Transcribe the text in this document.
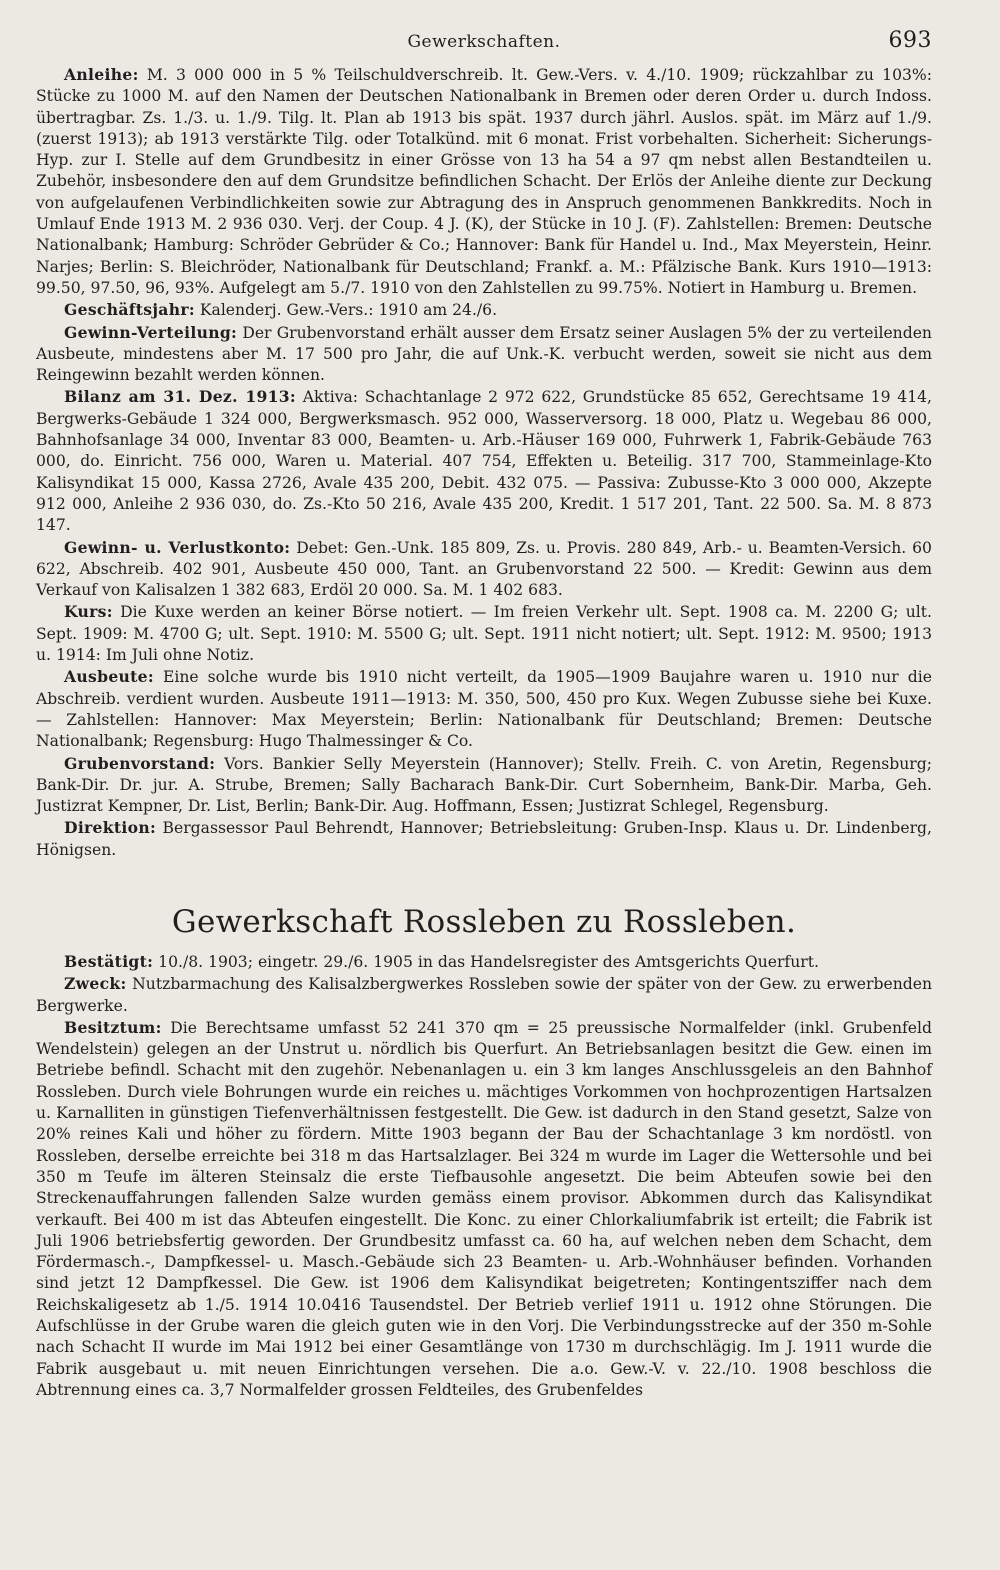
Gewerkschaften.	693

Anleihe: M. 3 000 000 in 5 % Teilschuldverschreib. lt. Gew.-Vers. v. 4./10. 1909; rückzahlbar zu 103%: Stücke zu 1000 M. auf den Namen der Deutschen Nationalbank in Bremen oder deren Order u. durch Indoss. übertragbar. Zs. 1./3. u. 1./9. Tilg. lt. Plan ab 1913 bis spät. 1937 durch jährl. Auslos. spät. im März auf 1./9. (zuerst 1913); ab 1913 verstärkte Tilg. oder Totalkünd. mit 6 monat. Frist vorbehalten. Sicherheit: Sicherungs-Hyp. zur I. Stelle auf dem Grundbesitz in einer Grösse von 13 ha 54 a 97 qm nebst allen Bestandteilen u. Zubehör, insbesondere den auf dem Grundsitze befindlichen Schacht. Der Erlös der Anleihe diente zur Deckung von aufgelaufenen Verbindlichkeiten sowie zur Abtragung des in Anspruch genommenen Bankkredits. Noch in Umlauf Ende 1913 M. 2 936 030. Verj. der Coup. 4 J. (K), der Stücke in 10 J. (F). Zahlstellen: Bremen: Deutsche Nationalbank; Hamburg: Schröder Gebrüder & Co.; Hannover: Bank für Handel u. Ind., Max Meyerstein, Heinr. Narjes; Berlin: S. Bleichröder, Nationalbank für Deutschland; Frankf. a. M.: Pfälzische Bank. Kurs 1910—1913: 99.50, 97.50, 96, 93%. Aufgelegt am 5./7. 1910 von den Zahlstellen zu 99.75%. Notiert in Hamburg u. Bremen.

Geschäftsjahr: Kalenderj. Gew.-Vers.: 1910 am 24./6.

Gewinn-Verteilung: Der Grubenvorstand erhält ausser dem Ersatz seiner Auslagen 5% der zu verteilenden Ausbeute, mindestens aber M. 17 500 pro Jahr, die auf Unk.-K. verbucht werden, soweit sie nicht aus dem Reingewinn bezahlt werden können.

Bilanz am 31. Dez. 1913: Aktiva: Schachtanlage 2 972 622, Grundstücke 85 652, Gerechtsame 19 414, Bergwerks-Gebäude 1 324 000, Bergwerksmasch. 952 000, Wasserversorg. 18 000, Platz u. Wegebau 86 000, Bahnhofsanlage 34 000, Inventar 83 000, Beamten- u. Arb.-Häuser 169 000, Fuhrwerk 1, Fabrik-Gebäude 763 000, do. Einricht. 756 000, Waren u. Material. 407 754, Effekten u. Beteilig. 317 700, Stammeinlage-Kto Kalisyndikat 15 000, Kassa 2726, Avale 435 200, Debit. 432 075. — Passiva: Zubusse-Kto 3 000 000, Akzepte 912 000, Anleihe 2 936 030, do. Zs.-Kto 50 216, Avale 435 200, Kredit. 1 517 201, Tant. 22 500. Sa. M. 8 873 147.

Gewinn- u. Verlustkonto: Debet: Gen.-Unk. 185 809, Zs. u. Provis. 280 849, Arb.- u. Beamten-Versich. 60 622, Abschreib. 402 901, Ausbeute 450 000, Tant. an Grubenvorstand 22 500. — Kredit: Gewinn aus dem Verkauf von Kalisalzen 1 382 683, Erdöl 20 000. Sa. M. 1 402 683.

Kurs: Die Kuxe werden an keiner Börse notiert. — Im freien Verkehr ult. Sept. 1908 ca. M. 2200 G; ult. Sept. 1909: M. 4700 G; ult. Sept. 1910: M. 5500 G; ult. Sept. 1911 nicht notiert; ult. Sept. 1912: M. 9500; 1913 u. 1914: Im Juli ohne Notiz.

Ausbeute: Eine solche wurde bis 1910 nicht verteilt, da 1905—1909 Baujahre waren u. 1910 nur die Abschreib. verdient wurden. Ausbeute 1911—1913: M. 350, 500, 450 pro Kux. Wegen Zubusse siehe bei Kuxe. — Zahlstellen: Hannover: Max Meyerstein; Berlin: Nationalbank für Deutschland; Bremen: Deutsche Nationalbank; Regensburg: Hugo Thalmessinger & Co.

Grubenvorstand: Vors. Bankier Selly Meyerstein (Hannover); Stellv. Freih. C. von Aretin, Regensburg; Bank-Dir. Dr. jur. A. Strube, Bremen; Sally Bacharach Bank-Dir. Curt Sobernheim, Bank-Dir. Marba, Geh. Justizrat Kempner, Dr. List, Berlin; Bank-Dir. Aug. Hoffmann, Essen; Justizrat Schlegel, Regensburg.

Direktion: Bergassessor Paul Behrendt, Hannover; Betriebsleitung: Gruben-Insp. Klaus u. Dr. Lindenberg, Hönigsen.

Gewerkschaft Rossleben zu Rossleben.

Bestätigt: 10./8. 1903; eingetr. 29./6. 1905 in das Handelsregister des Amtsgerichts Querfurt.

Zweck: Nutzbarmachung des Kalisalzbergwerkes Rossleben sowie der später von der Gew. zu erwerbenden Bergwerke.

Besitztum: Die Berechtsame umfasst 52 241 370 qm = 25 preussische Normalfelder (inkl. Grubenfeld Wendelstein) gelegen an der Unstrut u. nördlich bis Querfurt. An Betriebsanlagen besitzt die Gew. einen im Betriebe befindl. Schacht mit den zugehör. Nebenanlagen u. ein 3 km langes Anschlussgeleis an den Bahnhof Rossleben. Durch viele Bohrungen wurde ein reiches u. mächtiges Vorkommen von hochprozentigen Hartsalzen u. Karnalliten in günstigen Tiefenverhältnissen festgestellt. Die Gew. ist dadurch in den Stand gesetzt, Salze von 20% reines Kali und höher zu fördern. Mitte 1903 begann der Bau der Schachtanlage 3 km nordöstl. von Rossleben, derselbe erreichte bei 318 m das Hartsalzlager. Bei 324 m wurde im Lager die Wettersohle und bei 350 m Teufe im älteren Steinsalz die erste Tiefbausohle angesetzt. Die beim Abteufen sowie bei den Streckenauffahrungen fallenden Salze wurden gemäss einem provisor. Abkommen durch das Kalisyndikat verkauft. Bei 400 m ist das Abteufen eingestellt. Die Konc. zu einer Chlorkaliumfabrik ist erteilt; die Fabrik ist Juli 1906 betriebsfertig geworden. Der Grundbesitz umfasst ca. 60 ha, auf welchen neben dem Schacht, dem Fördermasch.-, Dampfkessel- u. Masch.-Gebäude sich 23 Beamten- u. Arb.-Wohnhäuser befinden. Vorhanden sind jetzt 12 Dampfkessel. Die Gew. ist 1906 dem Kalisyndikat beigetreten; Kontingentsziffer nach dem Reichskaligesetz ab 1./5. 1914 10.0416 Tausendstel. Der Betrieb verlief 1911 u. 1912 ohne Störungen. Die Aufschlüsse in der Grube waren die gleich guten wie in den Vorj. Die Verbindungsstrecke auf der 350 m-Sohle nach Schacht II wurde im Mai 1912 bei einer Gesamtlänge von 1730 m durchschlägig. Im J. 1911 wurde die Fabrik ausgebaut u. mit neuen Einrichtungen versehen. Die a.o. Gew.-V. v. 22./10. 1908 beschloss die Abtrennung eines ca. 3,7 Normalfelder grossen Feldteiles, des Grubenfeldes
